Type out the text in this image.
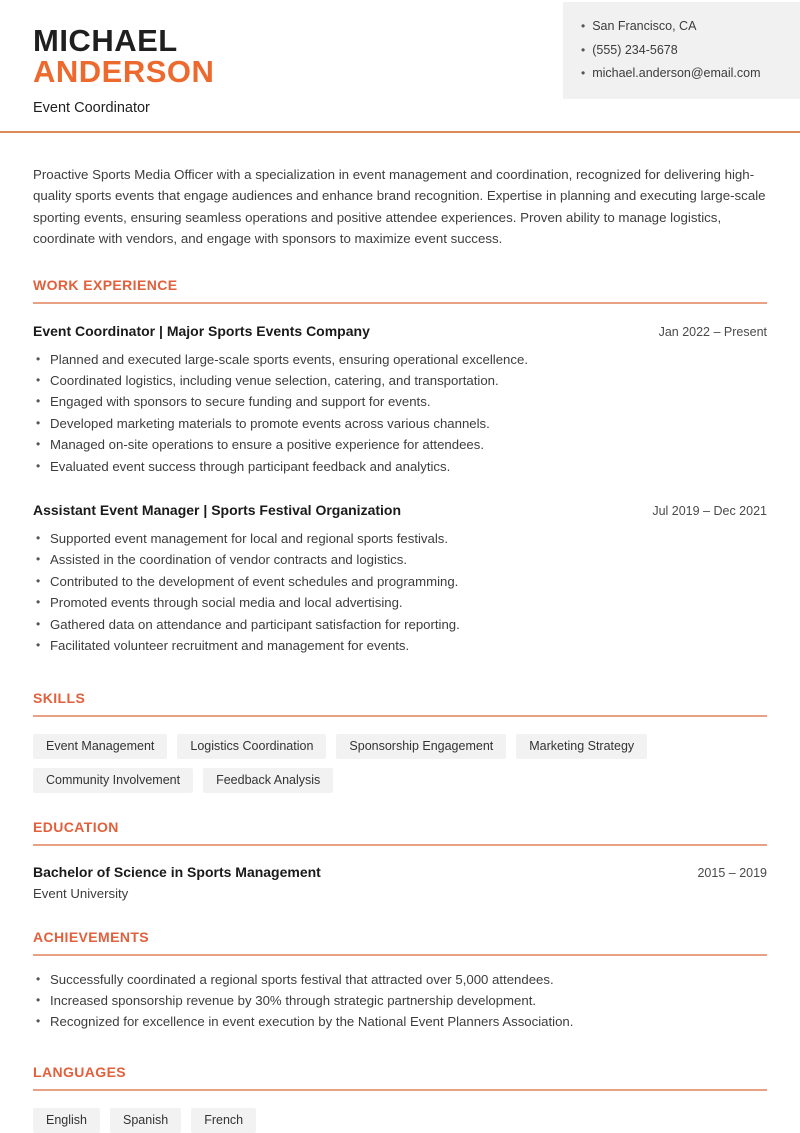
MICHAEL
ANDERSON
Event Coordinator
• San Francisco, CA
• (555) 234-5678
• michael.anderson@email.com

Proactive Sports Media Officer with a specialization in event management and coordination, recognized for delivering high-quality sports events that engage audiences and enhance brand recognition. Expertise in planning and executing large-scale sporting events, ensuring seamless operations and positive attendee experiences. Proven ability to manage logistics, coordinate with vendors, and engage with sponsors to maximize event success.

WORK EXPERIENCE
Event Coordinator | Major Sports Events Company	Jan 2022 – Present
• Planned and executed large-scale sports events, ensuring operational excellence.
• Coordinated logistics, including venue selection, catering, and transportation.
• Engaged with sponsors to secure funding and support for events.
• Developed marketing materials to promote events across various channels.
• Managed on-site operations to ensure a positive experience for attendees.
• Evaluated event success through participant feedback and analytics.
Assistant Event Manager | Sports Festival Organization	Jul 2019 – Dec 2021
• Supported event management for local and regional sports festivals.
• Assisted in the coordination of vendor contracts and logistics.
• Contributed to the development of event schedules and programming.
• Promoted events through social media and local advertising.
• Gathered data on attendance and participant satisfaction for reporting.
• Facilitated volunteer recruitment and management for events.
SKILLS
Event Management	Logistics Coordination	Sponsorship Engagement	Marketing Strategy
Community Involvement	Feedback Analysis
EDUCATION
Bachelor of Science in Sports Management	2015 – 2019
Event University
ACHIEVEMENTS
• Successfully coordinated a regional sports festival that attracted over 5,000 attendees.
• Increased sponsorship revenue by 30% through strategic partnership development.
• Recognized for excellence in event execution by the National Event Planners Association.
LANGUAGES
English	Spanish	French
